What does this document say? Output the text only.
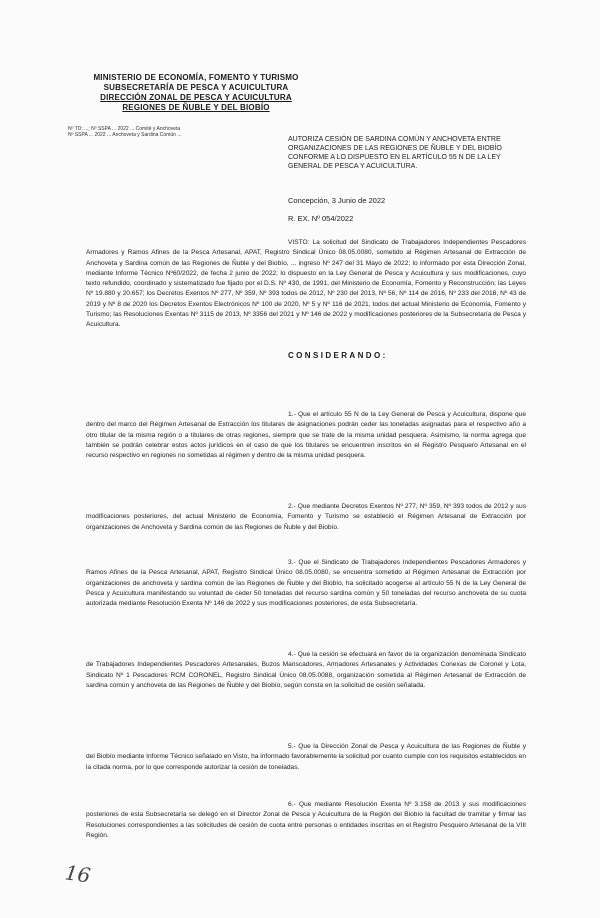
MINISTERIO DE ECONOMÍA, FOMENTO Y TURISMO
SUBSECRETARÍA DE PESCA Y ACUICULTURA
DIRECCIÓN ZONAL DE PESCA Y ACUICULTURA
REGIONES DE ÑUBLE Y DEL BIOBÍO
Nº TD: ...; Nº SSPA ... 2022 ... Comité y Anchoveta
Nº SSPA ... 2022 ... Anchoveta y Sardina Común ...
AUTORIZA CESIÓN DE SARDINA COMÚN Y ANCHOVETA ENTRE ORGANIZACIONES DE LAS REGIONES DE ÑUBLE Y DEL BIOBÍO CONFORME A LO DISPUESTO EN EL ARTÍCULO 55 N DE LA LEY GENERAL DE PESCA Y ACUICULTURA.
Concepción, 3 Junio de 2022
R. EX. Nº 054/2022
VISTO: La solicitud del Sindicato de Trabajadores Independientes Pescadores Armadores y Ramos Afines de la Pesca Artesanal, APAT, Registro Sindical Único 08.05.0080, sometido al Régimen Artesanal de Extracción de Anchoveta y Sardina común de las Regiones de Ñuble y del Biobío, ... ingreso Nº 247 del 31 Mayo de 2022; lo informado por esta Dirección Zonal, mediante Informe Técnico Nº60/2022, de fecha 2 junio de 2022; lo dispuesto en la Ley General de Pesca y Acuicultura y sus modificaciones, cuyo texto refundido, coordinado y sistematizado fue fijado por el D.S. Nº 430, de 1991, del Ministerio de Economía, Fomento y Reconstrucción; las Leyes Nº 19.880 y 20.657; los Decretos Exentos Nº 277, Nº 359, Nº 393 todos de 2012, Nº 230 del 2013, Nº 56, Nº 114 de 2016, Nº 233 del 2018, Nº 43 de 2019 y Nº 8 de 2020 los Decretos Exentos Electrónicos Nº 100 de 2020, Nº 5 y Nº 116 de 2021, todos del actual Ministerio de Economía, Fomento y Turismo; las Resoluciones Exentas Nº 3115 de 2013, Nº 3356 del 2021 y Nº 146 de 2022 y modificaciones posteriores de la Subsecretaría de Pesca y Acuicultura.
CONSIDERANDO:
1.- Que el artículo 55 N de la Ley General de Pesca y Acuicultura, dispone que dentro del marco del Régimen Artesanal de Extracción los titulares de asignaciones podrán ceder las toneladas asignadas para el respectivo año a otro titular de la misma región o a titulares de otras regiones, siempre que se trate de la misma unidad pesquera. Asimismo, la norma agrega que también se podrán celebrar estos actos jurídicos en el caso de que los titulares se encuentren inscritos en el Registro Pesquero Artesanal en el recurso respectivo en regiones no sometidas al régimen y dentro de la misma unidad pesquera.
2.- Que mediante Decretos Exentos Nº 277, Nº 359, Nº 393 todos de 2012 y sus modificaciones posteriores, del actual Ministerio de Economía, Fomento y Turismo se estableció el Régimen Artesanal de Extracción por organizaciones de Anchoveta y Sardina común de las Regiones de Ñuble y del Biobío.
3.- Que el Sindicato de Trabajadores Independientes Pescadores Armadores y Ramos Afines de la Pesca Artesanal, APAT, Registro Sindical Único 08.05.0080, se encuentra sometido al Régimen Artesanal de Extracción por organizaciones de anchoveta y sardina común de las Regiones de Ñuble y del Biobío, ha solicitado acogerse al artículo 55 N de la Ley General de Pesca y Acuicultura manifestando su voluntad de ceder 50 toneladas del recurso sardina común y 50 toneladas del recurso anchoveta de su cuota autorizada mediante Resolución Exenta Nº 146 de 2022 y sus modificaciones posteriores, de esta Subsecretaría.
4.- Que la cesión se efectuará en favor de la organización denominada Sindicato de Trabajadores Independientes Pescadores Artesanales, Buzos Mariscadores, Armadores Artesanales y Actividades Conexas de Coronel y Lota, Sindicato Nº 1 Pescadores RCM CORONEL, Registro Sindical Único 08.05.0088, organización sometida al Régimen Artesanal de Extracción de sardina común y anchoveta de las Regiones de Ñuble y del Biobío, según consta en la solicitud de cesión señalada.
5.- Que la Dirección Zonal de Pesca y Acuicultura de las Regiones de Ñuble y del Biobío mediante Informe Técnico señalado en Visto, ha informado favorablemente la solicitud por cuanto cumple con los requisitos establecidos en la citada norma, por lo que corresponde autorizar la cesión de toneladas.
6.- Que mediante Resolución Exenta Nº 3.158 de 2013 y sus modificaciones posteriores de esta Subsecretaría se delegó en el Director Zonal de Pesca y Acuicultura de la Región del Biobío la facultad de tramitar y firmar las Resoluciones correspondientes a las solicitudes de cesión de cuota entre personas o entidades inscritas en el Registro Pesquero Artesanal de la VIII Región.
16
